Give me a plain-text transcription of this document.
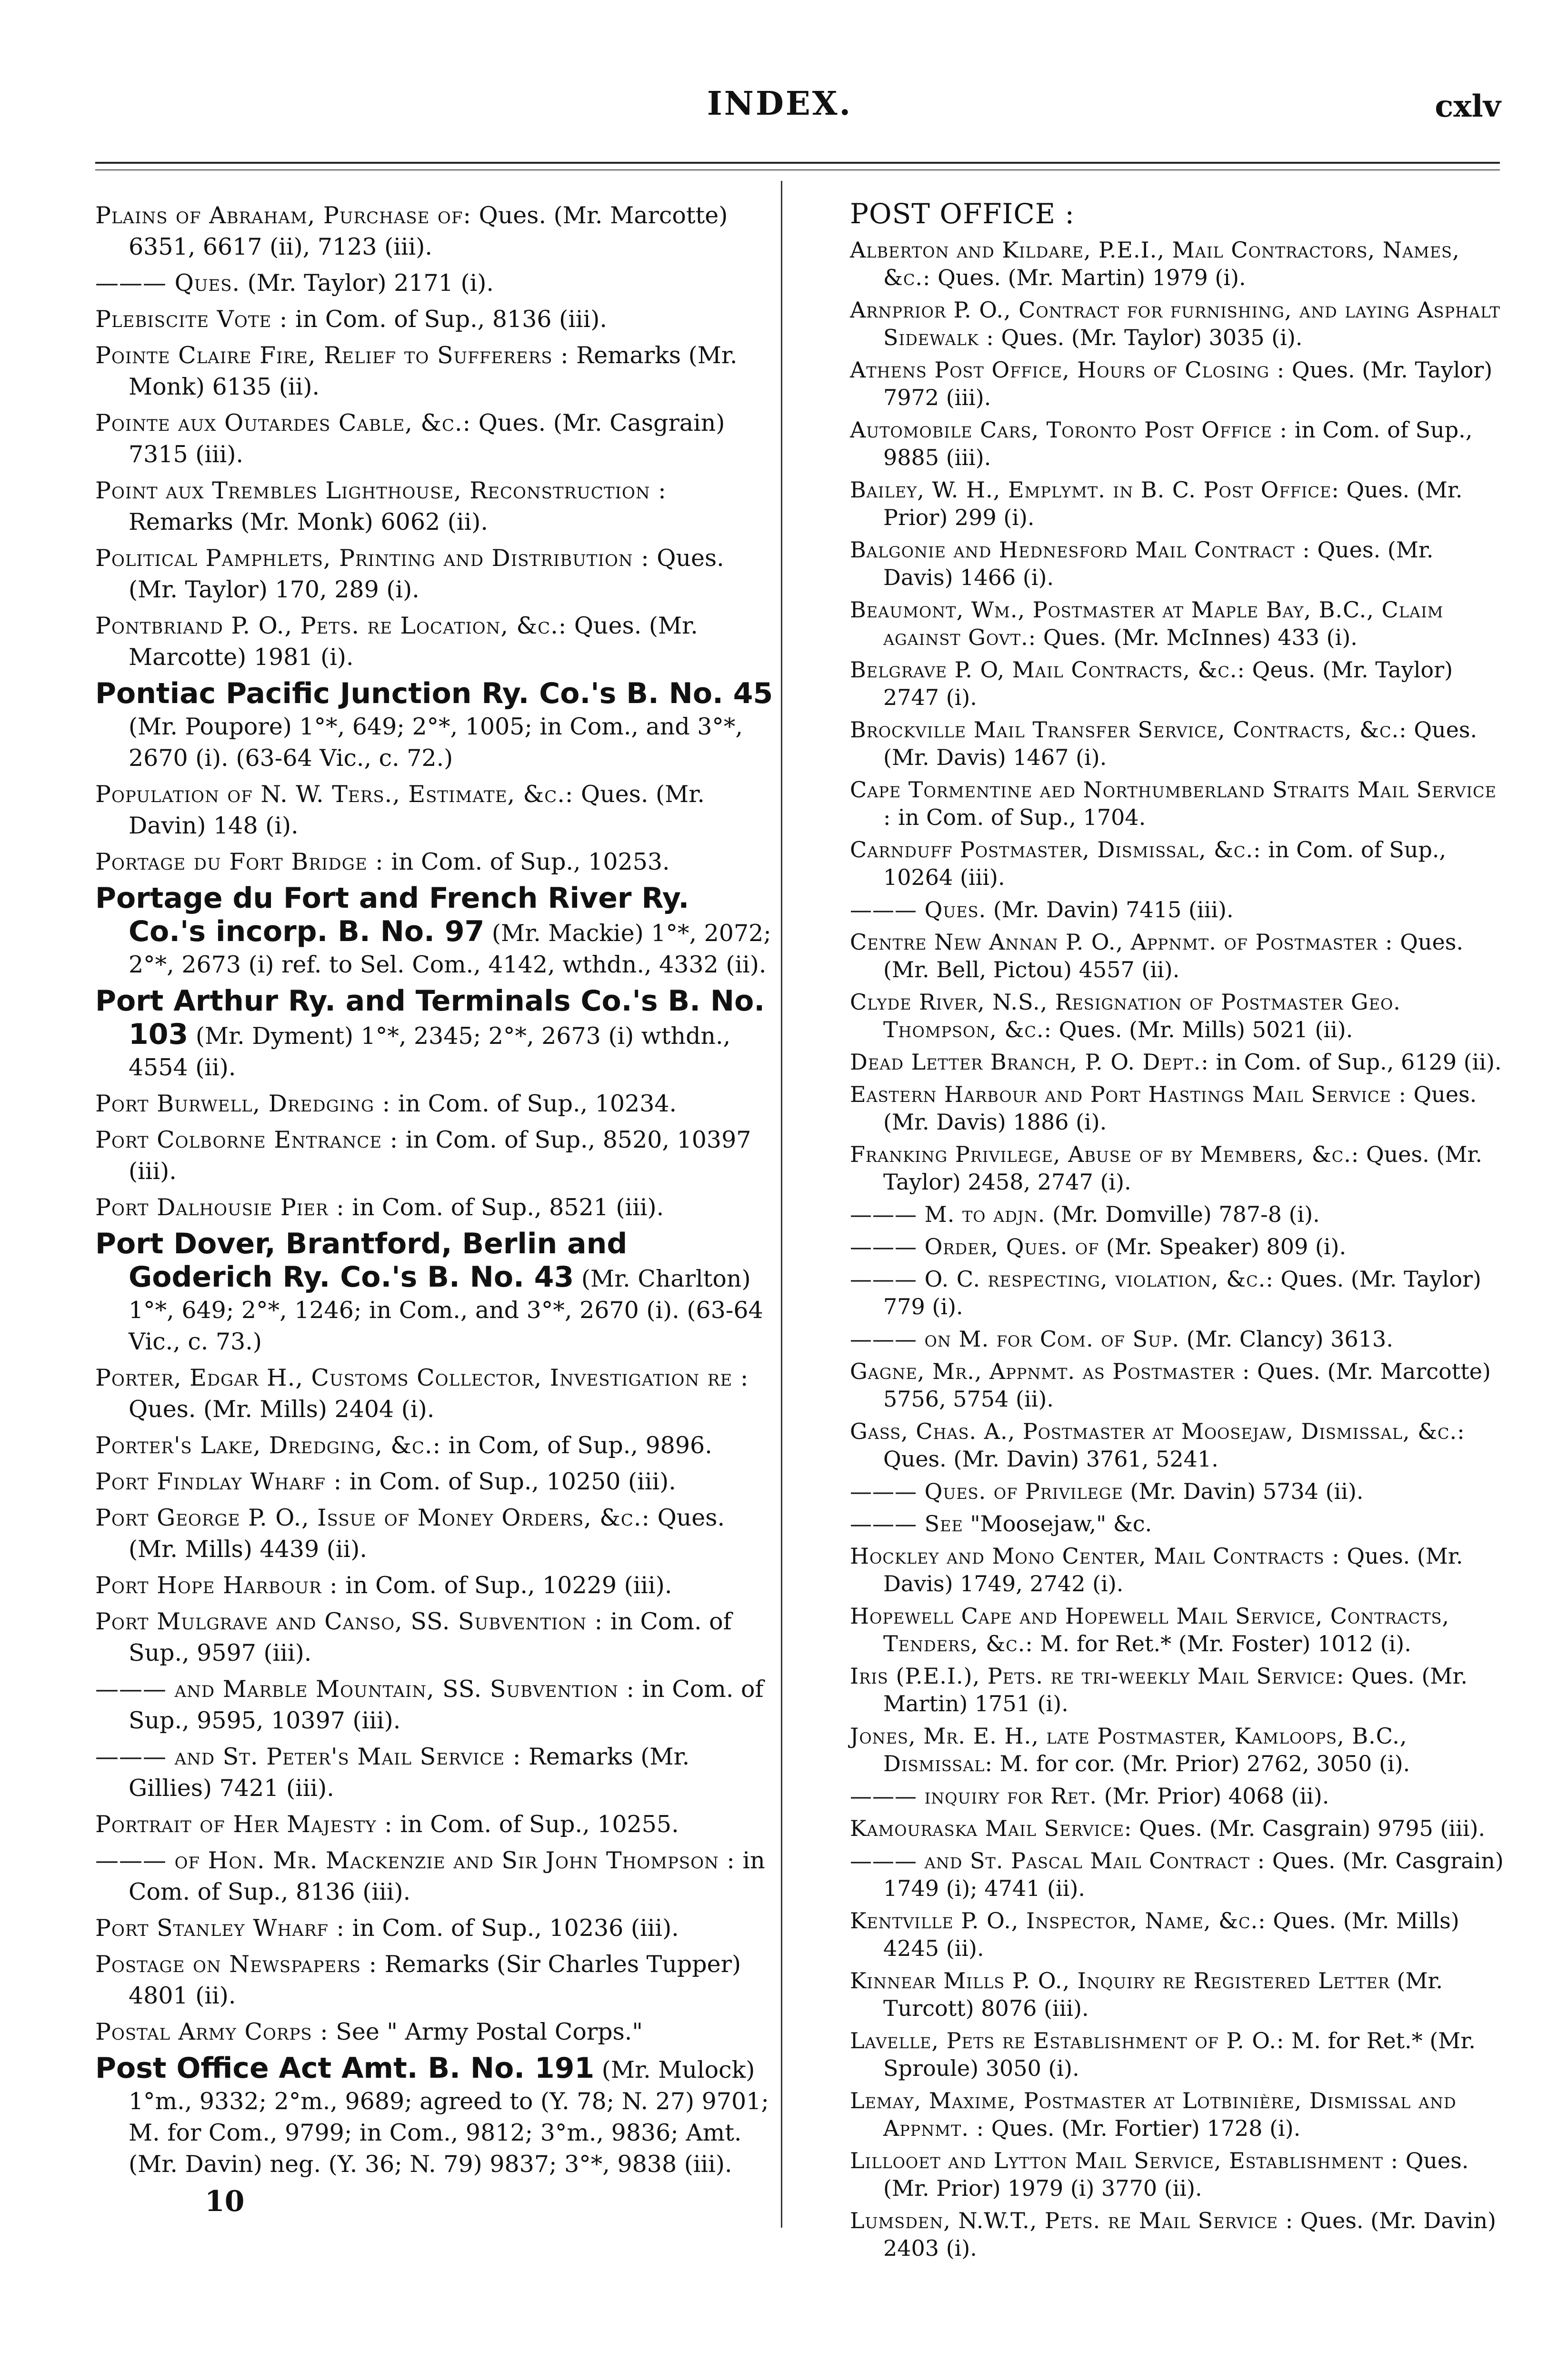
INDEX.	cxlv
Plains of Abraham, Purchase of: Ques. (Mr. Marcotte) 6351, 6617 (ii), 7123 (iii).
——— Ques. (Mr. Taylor) 2171 (i).
Plebiscite Vote : in Com. of Sup., 8136 (iii).
Pointe Claire Fire, Relief to Sufferers : Remarks (Mr. Monk) 6135 (ii).
Pointe aux Outardes Cable, &c.: Ques. (Mr. Casgrain) 7315 (iii).
Point aux Trembles Lighthouse, Reconstruction : Remarks (Mr. Monk) 6062 (ii).
Political Pamphlets, Printing and Distribution : Ques. (Mr. Taylor) 170, 289 (i).
Pontbriand P. O., Pets. re Location, &c.: Ques. (Mr. Marcotte) 1981 (i).
Pontiac Pacific Junction Ry. Co.'s B. No. 45 (Mr. Poupore) 1°*, 649; 2°*, 1005; in Com., and 3°*, 2670 (i). (63-64 Vic., c. 72.)
Population of N. W. Ters., Estimate, &c.: Ques. (Mr. Davin) 148 (i).
Portage du Fort Bridge : in Com. of Sup., 10253.
Portage du Fort and French River Ry. Co.'s incorp. B. No. 97 (Mr. Mackie) 1°*, 2072; 2°*, 2673 (i) ref. to Sel. Com., 4142, wthdn., 4332 (ii).
Port Arthur Ry. and Terminals Co.'s B. No. 103 (Mr. Dyment) 1°*, 2345; 2°*, 2673 (i) wthdn., 4554 (ii).
Port Burwell, Dredging : in Com. of Sup., 10234.
Port Colborne Entrance : in Com. of Sup., 8520, 10397 (iii).
Port Dalhousie Pier : in Com. of Sup., 8521 (iii).
Port Dover, Brantford, Berlin and Goderich Ry. Co.'s B. No. 43 (Mr. Charlton) 1°*, 649; 2°*, 1246; in Com., and 3°*, 2670 (i). (63-64 Vic., c. 73.)
Porter, Edgar H., Customs Collector, Investigation re : Ques. (Mr. Mills) 2404 (i).
Porter's Lake, Dredging, &c.: in Com, of Sup., 9896.
Port Findlay Wharf : in Com. of Sup., 10250 (iii).
Port George P. O., Issue of Money Orders, &c.: Ques. (Mr. Mills) 4439 (ii).
Port Hope Harbour : in Com. of Sup., 10229 (iii).
Port Mulgrave and Canso, SS. Subvention : in Com. of Sup., 9597 (iii).
——— and Marble Mountain, SS. Subvention : in Com. of Sup., 9595, 10397 (iii).
——— and St. Peter's Mail Service : Remarks (Mr. Gillies) 7421 (iii).
Portrait of Her Majesty : in Com. of Sup., 10255.
——— of Hon. Mr. Mackenzie and Sir John Thompson : in Com. of Sup., 8136 (iii).
Port Stanley Wharf : in Com. of Sup., 10236 (iii).
Postage on Newspapers : Remarks (Sir Charles Tupper) 4801 (ii).
Postal Army Corps : See " Army Postal Corps."
Post Office Act Amt. B. No. 191 (Mr. Mulock) 1°m., 9332; 2°m., 9689; agreed to (Y. 78; N. 27) 9701; M. for Com., 9799; in Com., 9812; 3°m., 9836; Amt. (Mr. Davin) neg. (Y. 36; N. 79) 9837; 3°*, 9838 (iii).
POST OFFICE :
Alberton and Kildare, P.E.I., Mail Contractors, Names, &c.: Ques. (Mr. Martin) 1979 (i).
Arnprior P. O., Contract for furnishing, and laying Asphalt Sidewalk : Ques. (Mr. Taylor) 3035 (i).
Athens Post Office, Hours of Closing : Ques. (Mr. Taylor) 7972 (iii).
Automobile Cars, Toronto Post Office : in Com. of Sup., 9885 (iii).
Bailey, W. H., Emplymt. in B. C. Post Office: Ques. (Mr. Prior) 299 (i).
Balgonie and Hednesford Mail Contract : Ques. (Mr. Davis) 1466 (i).
Beaumont, Wm., Postmaster at Maple Bay, B.C., Claim against Govt.: Ques. (Mr. McInnes) 433 (i).
Belgrave P. O, Mail Contracts, &c.: Qeus. (Mr. Taylor) 2747 (i).
Brockville Mail Transfer Service, Contracts, &c.: Ques. (Mr. Davis) 1467 (i).
Cape Tormentine aed Northumberland Straits Mail Service : in Com. of Sup., 1704.
Carnduff Postmaster, Dismissal, &c.: in Com. of Sup., 10264 (iii).
——— Ques. (Mr. Davin) 7415 (iii).
Centre New Annan P. O., Appnmt. of Postmaster : Ques. (Mr. Bell, Pictou) 4557 (ii).
Clyde River, N.S., Resignation of Postmaster Geo. Thompson, &c.: Ques. (Mr. Mills) 5021 (ii).
Dead Letter Branch, P. O. Dept.: in Com. of Sup., 6129 (ii).
Eastern Harbour and Port Hastings Mail Service : Ques. (Mr. Davis) 1886 (i).
Franking Privilege, Abuse of by Members, &c.: Ques. (Mr. Taylor) 2458, 2747 (i).
——— M. to adjn. (Mr. Domville) 787-8 (i).
——— Order, Ques. of (Mr. Speaker) 809 (i).
——— O. C. respecting, violation, &c.: Ques. (Mr. Taylor) 779 (i).
——— on M. for Com. of Sup. (Mr. Clancy) 3613.
Gagne, Mr., Appnmt. as Postmaster : Ques. (Mr. Marcotte) 5756, 5754 (ii).
Gass, Chas. A., Postmaster at Moosejaw, Dismissal, &c.: Ques. (Mr. Davin) 3761, 5241.
——— Ques. of Privilege (Mr. Davin) 5734 (ii).
——— See "Moosejaw," &c.
Hockley and Mono Center, Mail Contracts : Ques. (Mr. Davis) 1749, 2742 (i).
Hopewell Cape and Hopewell Mail Service, Contracts, Tenders, &c.: M. for Ret.* (Mr. Foster) 1012 (i).
Iris (P.E.I.), Pets. re tri-weekly Mail Service: Ques. (Mr. Martin) 1751 (i).
Jones, Mr. E. H., late Postmaster, Kamloops, B.C., Dismissal: M. for cor. (Mr. Prior) 2762, 3050 (i).
——— inquiry for Ret. (Mr. Prior) 4068 (ii).
Kamouraska Mail Service: Ques. (Mr. Casgrain) 9795 (iii).
——— and St. Pascal Mail Contract : Ques. (Mr. Casgrain) 1749 (i); 4741 (ii).
Kentville P. O., Inspector, Name, &c.: Ques. (Mr. Mills) 4245 (ii).
Kinnear Mills P. O., Inquiry re Registered Letter (Mr. Turcott) 8076 (iii).
Lavelle, Pets re Establishment of P. O.: M. for Ret.* (Mr. Sproule) 3050 (i).
Lemay, Maxime, Postmaster at Lotbinière, Dismissal and Appnmt. : Ques. (Mr. Fortier) 1728 (i).
Lillooet and Lytton Mail Service, Establishment : Ques. (Mr. Prior) 1979 (i) 3770 (ii).
Lumsden, N.W.T., Pets. re Mail Service : Ques. (Mr. Davin) 2403 (i).
10
